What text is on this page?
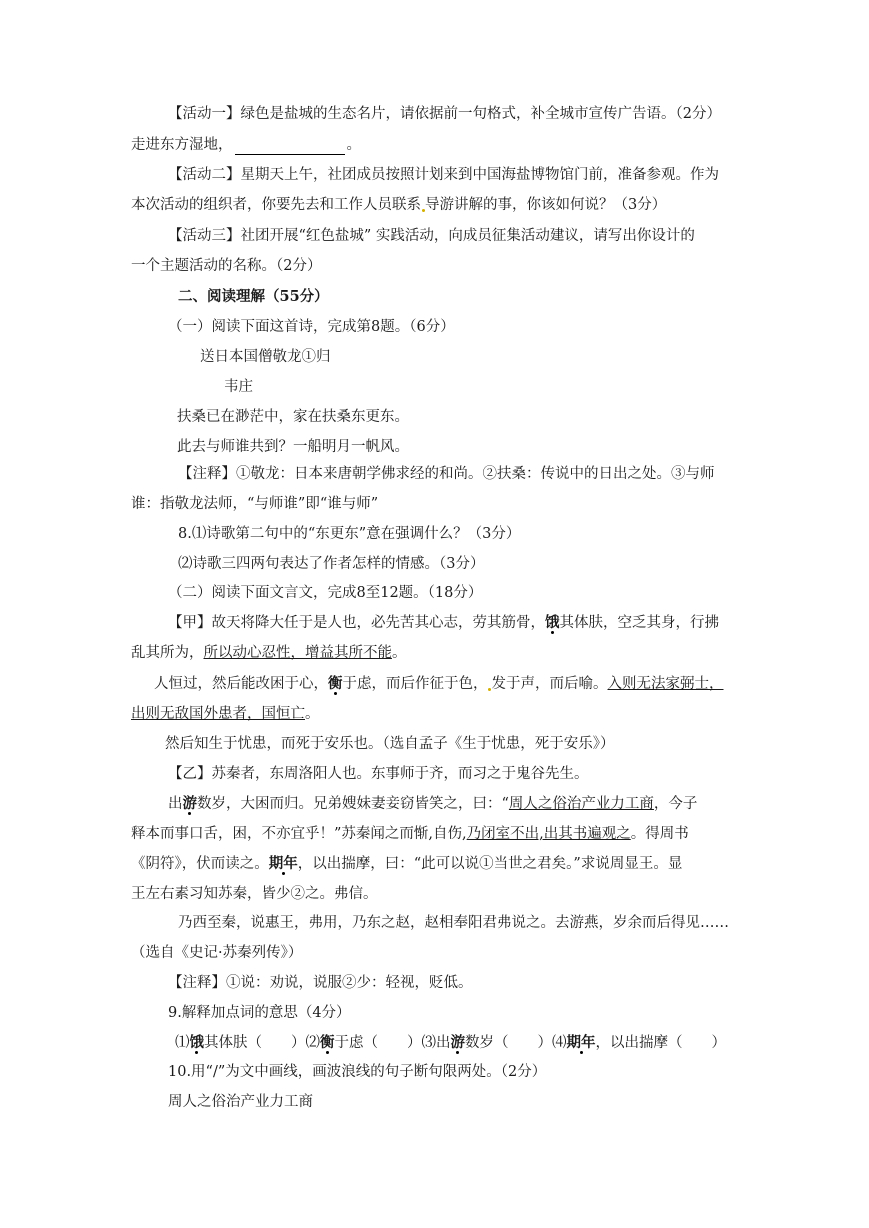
【活动一】绿色是盐城的生态名片，请依据前一句格式，补全城市宣传广告语。（2分）
走进东方湿地，	。
【活动二】星期天上午，社团成员按照计划来到中国海盐博物馆门前，准备参观。作为
本次活动的组织者，你要先去和工作人员联系 导游讲解的事，你该如何说？（3分）
【活动三】社团开展“红色盐城” 实践活动，向成员征集活动建议，请写出你设计的
一个主题活动的名称。（2分）
二、阅读理解（55分）
（一）阅读下面这首诗，完成第8题。（6分）
送日本国僧敬龙①归
韦庄
扶桑已在渺茫中，家在扶桑东更东。
此去与师谁共到？一船明月一帆风。
【注释】①敬龙：日本来唐朝学佛求经的和尚。②扶桑：传说中的日出之处。③与师
谁：指敬龙法师，“与师谁”即“谁与师”
8.⑴诗歌第二句中的“东更东”意在强调什么？（3分）
⑵诗歌三四两句表达了作者怎样的情感。（3分）
（二）阅读下面文言文，完成8至12题。（18分）
【甲】故天将降大任于是人也，必先苦其心志，劳其筋骨，饿其体肤，空乏其身，行拂
乱其所为，所以动心忍性，增益其所不能。
人恒过，然后能改困于心，衡于虑，而后作征于色， 发于声，而后喻。入则无法家弼士，
出则无敌国外患者，国恒亡。
然后知生于忧患，而死于安乐也。（选自孟子《生于忧患，死于安乐》）
【乙】苏秦者，东周洛阳人也。东事师于齐，而习之于鬼谷先生。
出游数岁，大困而归。兄弟嫂妹妻妾窃皆笑之，曰：“周人之俗治产业力工商，今子
释本而事口舌，困，不亦宜乎！”苏秦闻之而惭,自伤,乃闭室不出,出其书遍观之。得周书
《阴符》，伏而读之。期年，以出揣摩，曰：“此可以说①当世之君矣。”求说周显王。显
王左右素习知苏秦，皆少②之。弗信。
乃西至秦，说惠王，弗用，乃东之赵，赵相奉阳君弗说之。去游燕，岁余而后得见……
（选自《史记·苏秦列传》）
【注释】①说：劝说，说服②少：轻视，贬低。
9.解释加点词的意思（4分）
⑴饿其体肤（　　）⑵衡于虑（　　）⑶出游数岁（　　）⑷期年，以出揣摩（　　）
10.用“/”为文中画线，画波浪线的句子断句限两处。（2分）
周人之俗治产业力工商
